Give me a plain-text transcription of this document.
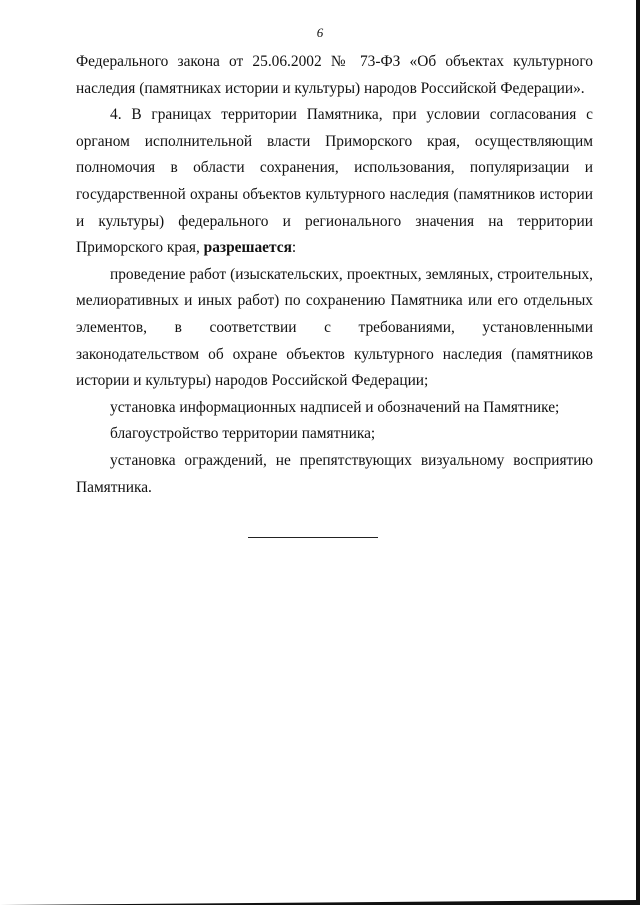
6

Федерального закона от 25.06.2002 № 73-ФЗ «Об объектах культурного наследия (памятниках истории и культуры) народов Российской Федерации».

4. В границах территории Памятника, при условии согласования с органом исполнительной власти Приморского края, осуществляющим полномочия в области сохранения, использования, популяризации и государственной охраны объектов культурного наследия (памятников истории и культуры) федерального и регионального значения на территории Приморского края, разрешается:

проведение работ (изыскательских, проектных, земляных, строительных, мелиоративных и иных работ) по сохранению Памятника или его отдельных элементов, в соответствии с требованиями, установленными законодательством об охране объектов культурного наследия (памятников истории и культуры) народов Российской Федерации;

установка информационных надписей и обозначений на Памятнике;

благоустройство территории памятника;

установка ограждений, не препятствующих визуальному восприятию Памятника.
